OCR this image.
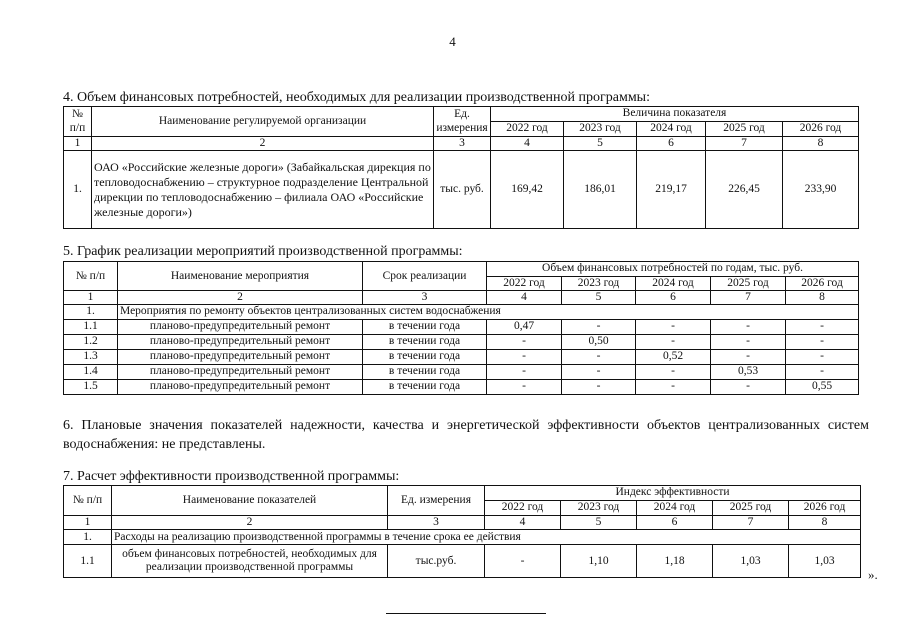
4
4. Объем финансовых потребностей, необходимых для реализации производственной программы:
№ п/п	Наименование регулируемой организации	Ед. измерения	Величина показателя				
			2022 год	2023 год	2024 год	2025 год	2026 год
1	2	3	4	5	6	7	8
1.	ОАО «Российские железные дороги» (Забайкальская дирекция по тепловодоснабжению – структурное подразделение Центральной дирекции по тепловодоснабжению – филиала ОАО «Российские железные дороги»)	тыс. руб.	169,42	186,01	219,17	226,45	233,90
5. График реализации мероприятий производственной программы:
№ п/п	Наименование мероприятия	Срок реализации	Объем финансовых потребностей по годам, тыс. руб.				
			2022 год	2023 год	2024 год	2025 год	2026 год
1	2	3	4	5	6	7	8
1.	Мероприятия по ремонту объектов централизованных систем водоснабжения						
1.1	планово-предупредительный ремонт	в течении года	0,47	-	-	-	-
1.2	планово-предупредительный ремонт	в течении года	-	0,50	-	-	-
1.3	планово-предупредительный ремонт	в течении года	-	-	0,52	-	-
1.4	планово-предупредительный ремонт	в течении года	-	-	-	0,53	-
1.5	планово-предупредительный ремонт	в течении года	-	-	-	-	0,55
6. Плановые значения показателей надежности, качества и энергетической эффективности объектов централизованных систем водоснабжения: не представлены.
7. Расчет эффективности производственной программы:
№ п/п	Наименование показателей	Ед. измерения	Индекс эффективности				
			2022 год	2023 год	2024 год	2025 год	2026 год
1	2	3	4	5	6	7	8
1.	Расходы на реализацию производственной программы в течение срока ее действия						
1.1	объем финансовых потребностей, необходимых для реализации производственной программы	тыс.руб.	-	1,10	1,18	1,03	1,03
».
